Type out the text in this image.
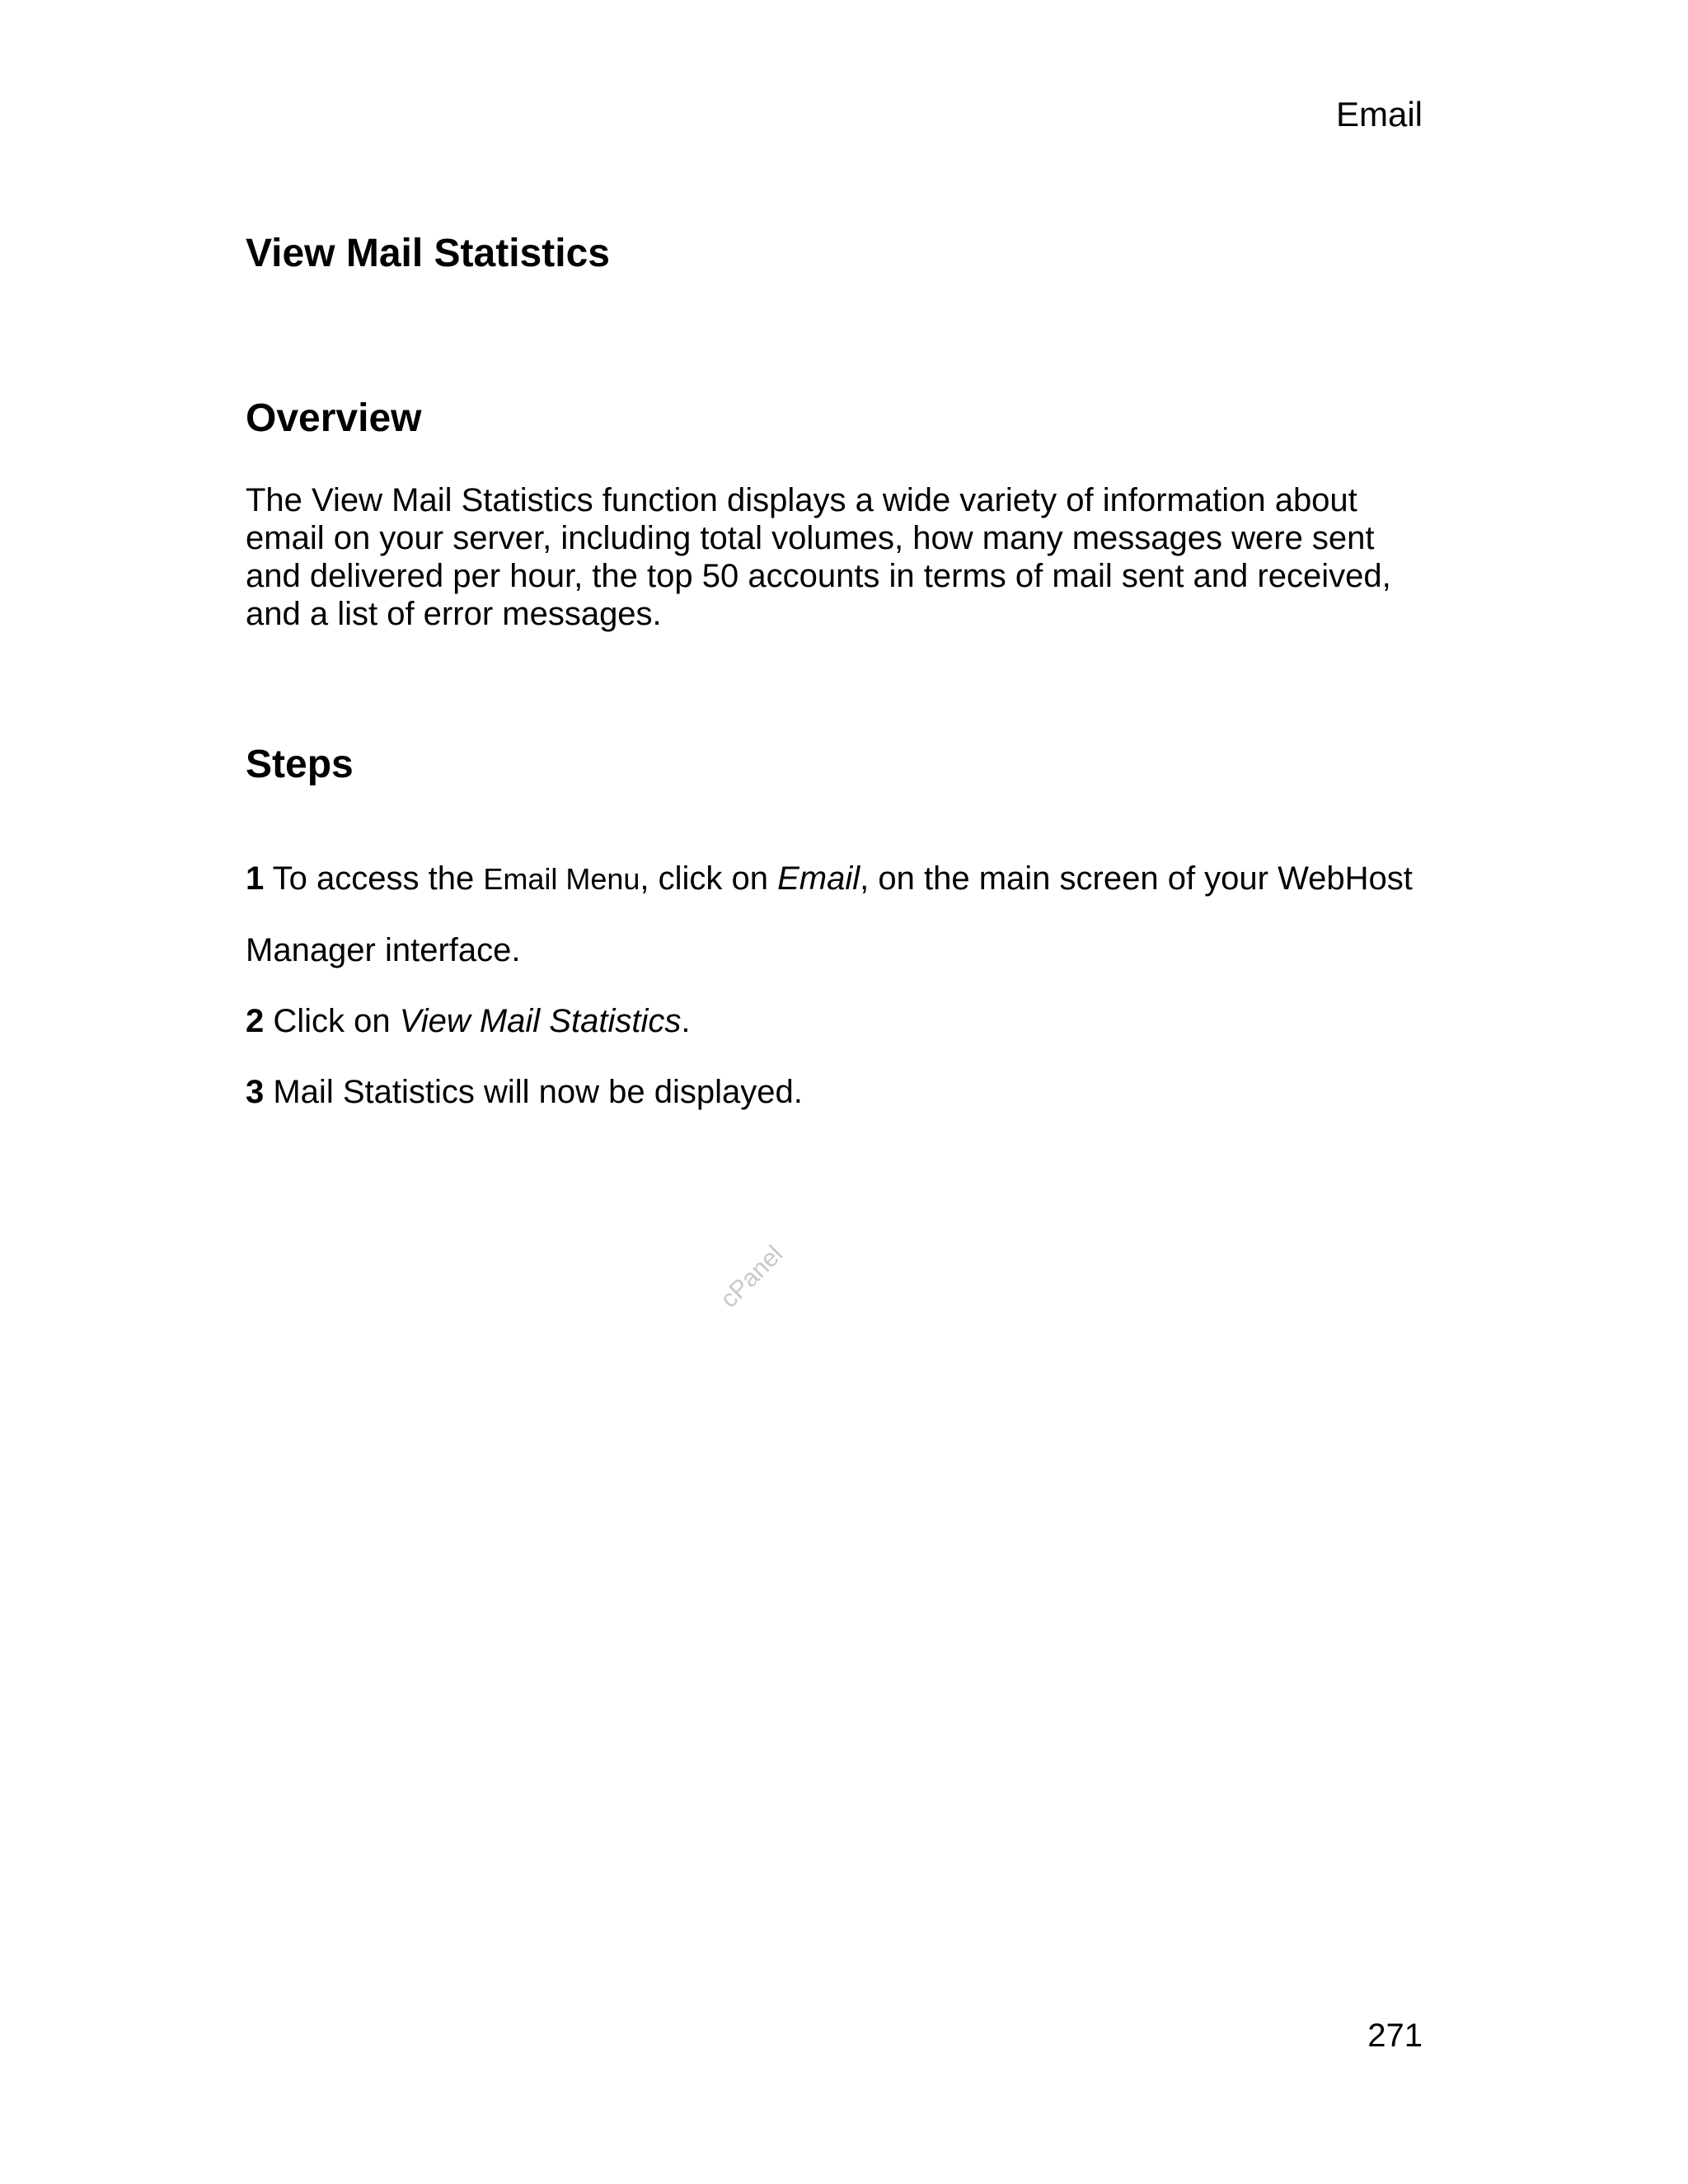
Email
View Mail Statistics
Overview

The View Mail Statistics function displays a wide variety of information about
email on your server, including total volumes, how many messages were sent
and delivered per hour, the top 50 accounts in terms of mail sent and received,
and a list of error messages.

Steps

1 To access the Email Menu, click on Email, on the main screen of your WebHost

Manager interface.

2 Click on View Mail Statistics.

3 Mail Statistics will now be displayed.

cPanel
271
